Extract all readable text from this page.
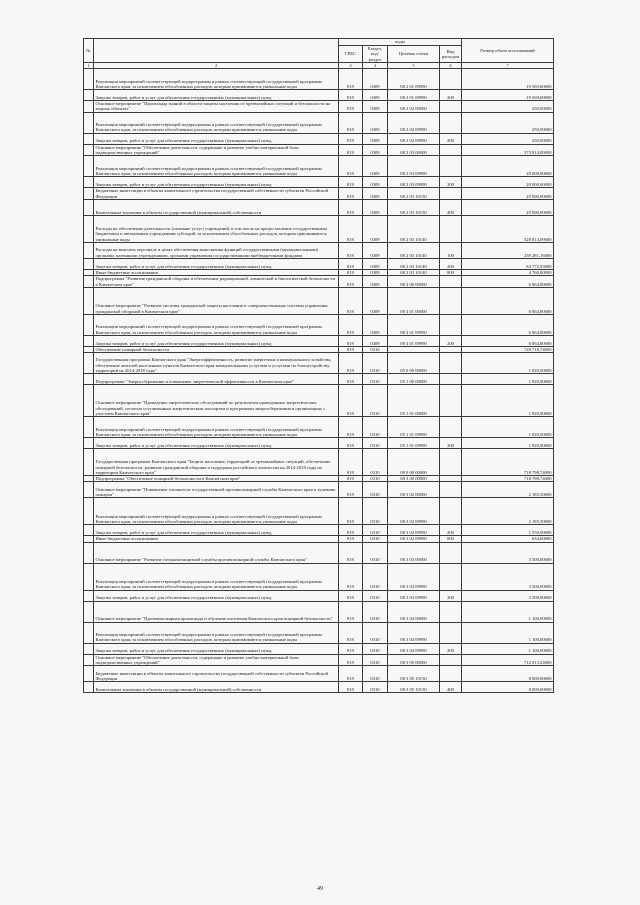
№		коды				Размер объем ассигнований
		ГРБС	Раздел, под-раздел	Целевая статья	Вид расходов	
1	2	3	4	5	6	7
	Реализация мероприятий соответствующей подпрограммы в рамках соответствующей государственной программы Камчатского края, за исключением обособленных расходов, которым присваиваются уникальные коды	819	0309	08 2 01 09990		19 569,60000
	Закупка товаров, работ и услуг для обеспечения государственных (муниципальных) нужд	819	0309	08 2 01 09990	200	19 569,60000
	Основное мероприятие "Пропаганда знаний в области защиты населения от чрезвычайных ситуаций и безопасности на водных объектах"	819	0309	08 2 02 00000		250,00000
	Реализация мероприятий соответствующей подпрограммы в рамках соответствующей государственной программы Камчатского края, за исключением обособленных расходов, которым присваиваются уникальные коды	819	0309	08 2 02 09990		250,00000
	Закупка товаров, работ и услуг для обеспечения государственных (муниципальных) нужд	819	0309	08 2 02 09990	200	250,00000
	Основное мероприятие "Обеспечение деятельности, содержание и развитие учебно-материальной базы подведомственных учреждений"	819	0309	08 2 03 00000		373 814,09000
	Реализация мероприятий соответствующей подпрограммы в рамках соответствующей государственной программы Камчатского края, за исключением обособленных расходов, которым присваиваются уникальные коды	819	0309	08 2 03 09990		20 000,00000
	Закупка товаров, работ и услуг для обеспечения государственных (муниципальных) нужд	819	0309	08 2 03 09990	200	20 000,00000
	Бюджетные инвестиции в объекты капитального строительства государственной собственности субъектов Российской Федерации	819	0309	08 2 03 10130		25 000,00000
	Капитальные вложения в объекты государственной (муниципальной) собственности	819	0309	08 2 03 10130	400	25 000,00000
	Расходы на обеспечение деятельности (оказание услуг) учреждений, в том числе на предоставление государственным бюджетным и автономным учреждениям субсидий, за исключением обособленных расходов, которым присваиваются уникальные коды	819	0309	08 2 03 10140		328 814,09000
	Расходы на выплаты персоналу в целях обеспечения выполнения функций государственными (муниципальными) органами, казенными учреждениями, органами управления государственными внебюджетными фондами	819	0309	08 2 03 10140	100	239 281,16000
	Закупка товаров, работ и услуг для обеспечения государственных (муниципальных) нужд	819	0309	08 2 03 10140	200	84 772,93000
	Иные бюджетные ассигнования	819	0309	08 2 03 10140	800	4 760,00000
	Подпрограмма "Развитие гражданской обороны и обеспечение радиационной, химической и биологической безопасности в Камчатском крае"	819	0309	08 4 00 00000		6 064,80000
	Основное мероприятие "Развитие системы гражданской защиты населения и совершенствование системы управления гражданской обороной в Камчатском крае"	819	0309	08 4 01 00000		6 064,80000
	Реализация мероприятий соответствующей подпрограммы в рамках соответствующей государственной программы Камчатского края, за исключением обособленных расходов, которым присваиваются уникальные коды	819	0309	08 4 01 09990		6 064,80000
	Закупка товаров, работ и услуг для обеспечения государственных (муниципальных) нужд	819	0309	08 4 01 09990	200	6 064,80000
	Обеспечение пожарной безопасности	819	0310			720 718,74000
	Государственная программа Камчатского края "Энергоэффективность, развитие энергетики и коммунального хозяйства, обеспечение жителей населенных пунктов Камчатского края коммунальными услугами и услугами по благоустройству территорий на 2014-2018 годы"	819	0310	05 0 00 00000		1 920,00000
	Подпрограмма "Энергосбережение и повышение энергетической эффективности в Камчатском крае"	819	0310	05 1 00 00000		1 920,00000
	Основное мероприятие "Проведение энергетических обследований по результатам проведенных энергетических обследований, согласно составленным энергетическим паспортам и программам энергосбережения в организациях с участием Камчатского края"	819	0310	05 1 01 00000		1 920,00000
	Реализация мероприятий соответствующей подпрограммы в рамках соответствующей государственной программы Камчатского края, за исключением обособленных расходов, которым присваиваются уникальные коды	819	0310	05 1 01 09990		1 920,00000
	Закупка товаров, работ и услуг для обеспечения государственных (муниципальных) нужд	819	0310	05 1 01 09990	200	1 920,00000
	Государственная программа Камчатского края "Защита населения, территорий от чрезвычайных ситуаций, обеспечение пожарной безопасности, развитие гражданской обороны и поддержка российского казачества на 2014-2018 годы на территории Камчатского края"	819	0310	08 0 00 00000		718 798,74000
	Подпрограмма "Обеспечение пожарной безопасности в Камчатском крае"	819	0310	08 3 00 00000		718 798,74000
	Основное мероприятие "Повышение готовности государственной противопожарной службы Камчатского края к тушению пожаров"	819	0310	08 3 02 00000		2 185,50000
	Реализация мероприятий соответствующей подпрограммы в рамках соответствующей государственной программы Камчатского края, за исключением обособленных расходов, которым присваиваются уникальные коды	819	0310	08 3 02 09990		2 185,50000
	Закупка товаров, работ и услуг для обеспечения государственных (муниципальных) нужд	819	0310	08 3 02 09990	200	1 550,90000
	Иные бюджетные ассигнования	819	0310	08 3 02 09990	800	634,60000
	Основное мероприятие "Развитие газодымозащитной службы противопожарной службы Камчатского края"	819	0310	08 3 03 00000		3 500,00000
	Реализация мероприятий соответствующей подпрограммы в рамках соответствующей государственной программы Камчатского края, за исключением обособленных расходов, которым присваиваются уникальные коды	819	0310	08 3 03 09990		3 500,00000
	Закупка товаров, работ и услуг для обеспечения государственных (муниципальных) нужд	819	0310	08 3 03 09990	200	3 500,00000
	Основное мероприятие "Противопожарная пропаганда и обучение населения Камчатского края пожарной безопасности"	819	0310	08 3 04 00000		1 100,00000
	Реализация мероприятий соответствующей подпрограммы в рамках соответствующей государственной программы Камчатского края, за исключением обособленных расходов, которым присваиваются уникальные коды	819	0310	08 3 04 09990		1 100,00000
	Закупка товаров, работ и услуг для обеспечения государственных (муниципальных) нужд	819	0310	08 3 04 09990	200	1 100,00000
	Основное мероприятие "Обеспечение деятельности, содержание и развитие учебно-материальной базы подведомственных учреждений"	819	0310	08 3 05 00000		712 013,24000
	Бюджетные инвестиции в объекты капитального строительства государственной собственности субъектов Российской Федерации	819	0310	08 3 05 10130		8 000,00000
	Капитальные вложения в объекты государственной (муниципальной) собственности	819	0310	08 3 05 10130	400	8 000,00000
49
